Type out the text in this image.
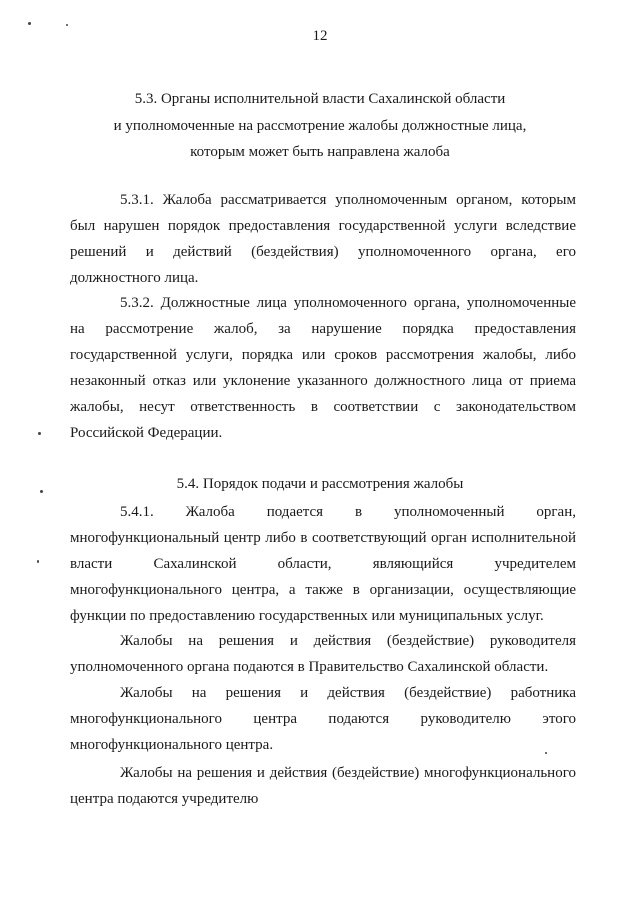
12
5.3. Органы исполнительной власти Сахалинской области
и уполномоченные на рассмотрение жалобы должностные лица,
которым может быть направлена жалоба

5.3.1. Жалоба рассматривается уполномоченным органом, которым был нарушен порядок предоставления государственной услуги вследствие решений и действий (бездействия) уполномоченного органа, его должностного лица.

5.3.2. Должностные лица уполномоченного органа, уполномоченные на рассмотрение жалоб, за нарушение порядка предоставления государственной услуги, порядка или сроков рассмотрения жалобы, либо незаконный отказ или уклонение указанного должностного лица от приема жалобы, несут ответственность в соответствии с законодательством Российской Федерации.

5.4. Порядок подачи и рассмотрения жалобы

5.4.1. Жалоба подается в уполномоченный орган, многофункциональный центр либо в соответствующий орган исполнительной власти Сахалинской области, являющийся учредителем многофункционального центра, а также в организации, осуществляющие функции по предоставлению государственных или муниципальных услуг.

Жалобы на решения и действия (бездействие) руководителя уполномоченного органа подаются в Правительство Сахалинской области.

Жалобы на решения и действия (бездействие) работника многофункционального центра подаются руководителю этого многофункционального центра.

Жалобы на решения и действия (бездействие) многофункционального центра подаются учредителю
